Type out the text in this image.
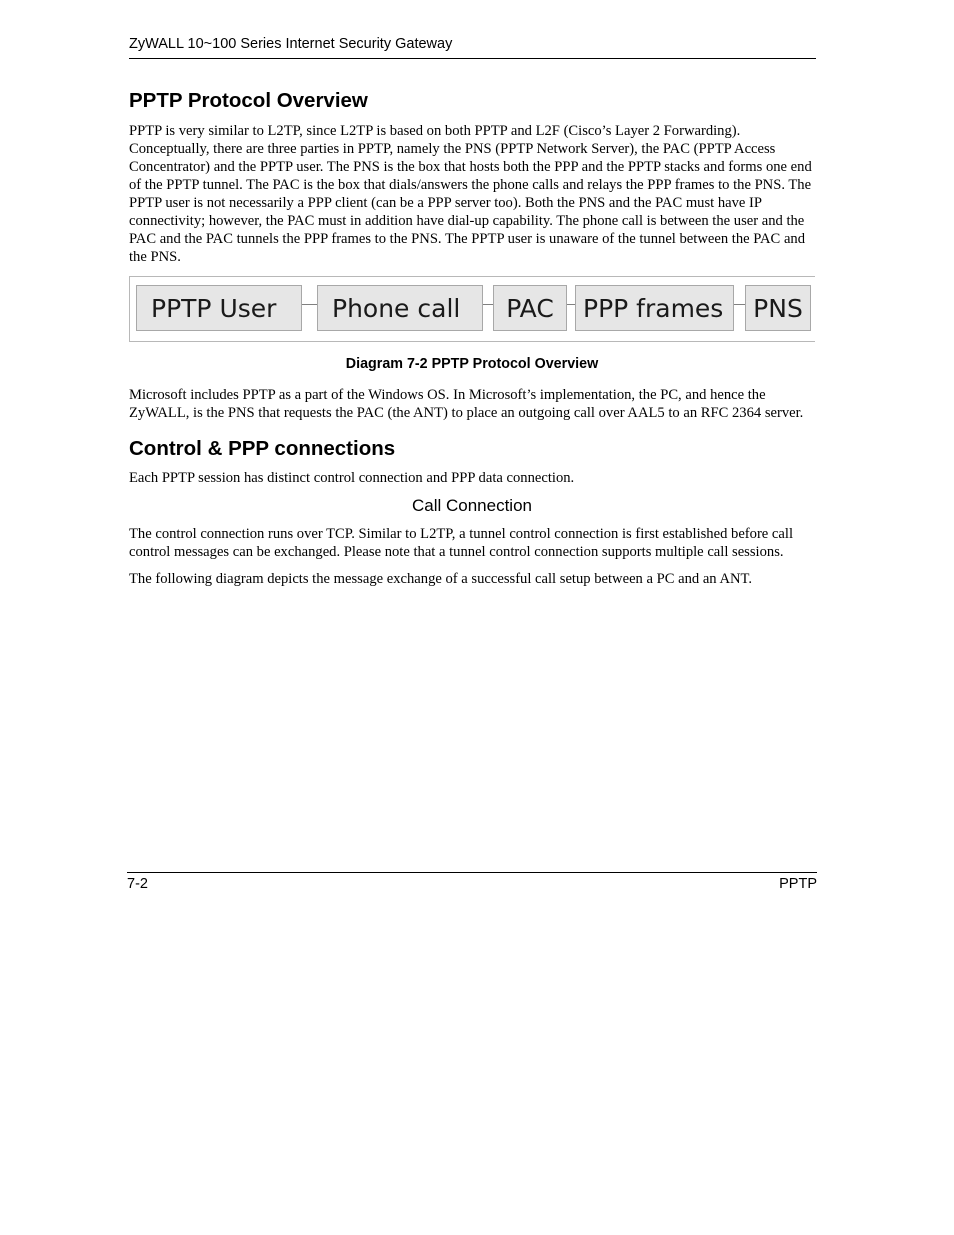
ZyWALL 10~100 Series Internet Security Gateway
PPTP Protocol Overview

PPTP is very similar to L2TP, since L2TP is based on both PPTP and L2F (Cisco’s Layer 2 Forwarding). Conceptually, there are three parties in PPTP, namely the PNS (PPTP Network Server), the PAC (PPTP Access Concentrator) and the PPTP user. The PNS is the box that hosts both the PPP and the PPTP stacks and forms one end of the PPTP tunnel. The PAC is the box that dials/answers the phone calls and relays the PPP frames to the PNS. The PPTP user is not necessarily a PPP client (can be a PPP server too). Both the PNS and the PAC must have IP connectivity; however, the PAC must in addition have dial-up capability. The phone call is between the user and the PAC and the PAC tunnels the PPP frames to the PNS. The PPTP user is unaware of the tunnel between the PAC and the PNS.

PPTP User	Phone call	PAC	PPP frames	PNS
Diagram 7-2 PPTP Protocol Overview

Microsoft includes PPTP as a part of the Windows OS. In Microsoft’s implementation, the PC, and hence the ZyWALL, is the PNS that requests the PAC (the ANT) to place an outgoing call over AAL5 to an RFC 2364 server.

Control & PPP connections

Each PPTP session has distinct control connection and PPP data connection.

Call Connection

The control connection runs over TCP. Similar to L2TP, a tunnel control connection is first established before call control messages can be exchanged. Please note that a tunnel control connection supports multiple call sessions.

The following diagram depicts the message exchange of a successful call setup between a PC and an ANT.

7-2	PPTP
